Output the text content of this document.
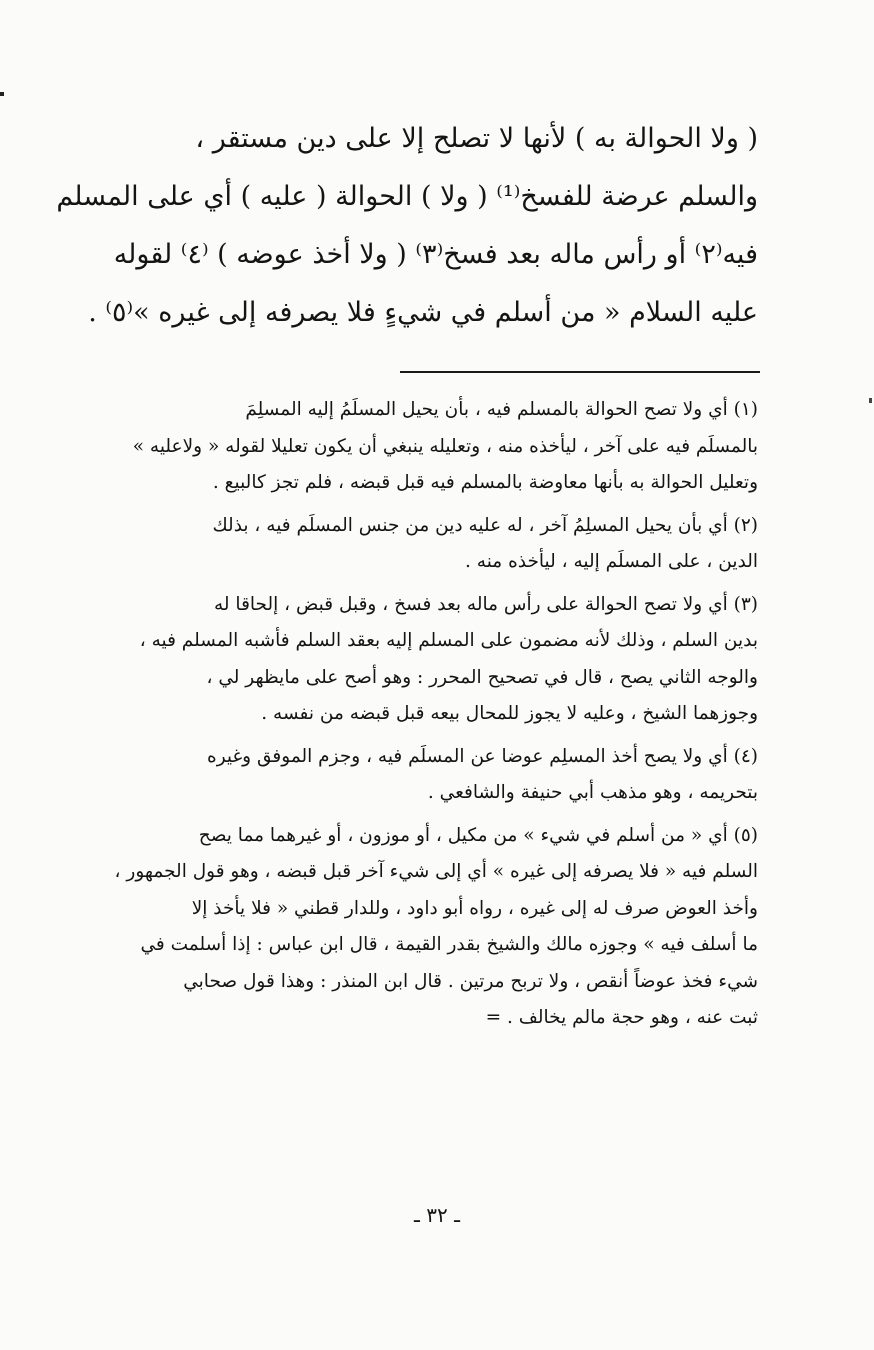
( ولا الحوالة به ) لأنها لا تصلح إلا على دين مستقر ،
والسلم عرضة للفسخ⁽¹⁾ ( ولا ) الحوالة ( عليه ) أي على المسلم
فيه⁽٢⁾ أو رأس ماله بعد فسخ⁽٣⁾ ( ولا أخذ عوضه ) ⁽٤⁾ لقوله
عليه السلام « من أسلم في شيءٍ فلا يصرفه إلى غيره »⁽٥⁾ .
(١) أي ولا تصح الحوالة بالمسلم فيه ، بأن يحيل المسلَمُ إليه المسلِمَ
بالمسلَم فيه على آخر ، ليأخذه منه ، وتعليله ينبغي أن يكون تعليلا لقوله « ولاعليه »
وتعليل الحوالة به بأنها معاوضة بالمسلم فيه قبل قبضه ، فلم تجز كالبيع .
(٢) أي بأن يحيل المسلِمُ آخر ، له عليه دين من جنس المسلَم فيه ، بذلك
الدين ، على المسلَم إليه ، ليأخذه منه .
(٣) أي ولا تصح الحوالة على رأس ماله بعد فسخ ، وقبل قبض ، إلحاقا له
بدين السلم ، وذلك لأنه مضمون على المسلم إليه بعقد السلم فأشبه المسلم فيه ،
والوجه الثاني يصح ، قال في تصحيح المحرر : وهو أصح على مايظهر لي ،
وجوزهما الشيخ ، وعليه لا يجوز للمحال بيعه قبل قبضه من نفسه .
(٤) أي ولا يصح أخذ المسلِم عوضا عن المسلَم فيه ، وجزم الموفق وغيره
بتحريمه ، وهو مذهب أبي حنيفة والشافعي .
(٥) أي « من أسلم في شيء » من مكيل ، أو موزون ، أو غيرهما مما يصح
السلم فيه « فلا يصرفه إلى غيره » أي إلى شيء آخر قبل قبضه ، وهو قول الجمهور ،
وأخذ العوض صرف له إلى غيره ، رواه أبو داود ، وللدار قطني « فلا يأخذ إلا
ما أسلف فيه » وجوزه مالك والشيخ بقدر القيمة ، قال ابن عباس : إذا أسلمت في
شيء فخذ عوضاً أنقص ، ولا تربح مرتين . قال ابن المنذر : وهذا قول صحابي
ثبت عنه ، وهو حجة مالم يخالف . =
ـ ٣٢ ـ
